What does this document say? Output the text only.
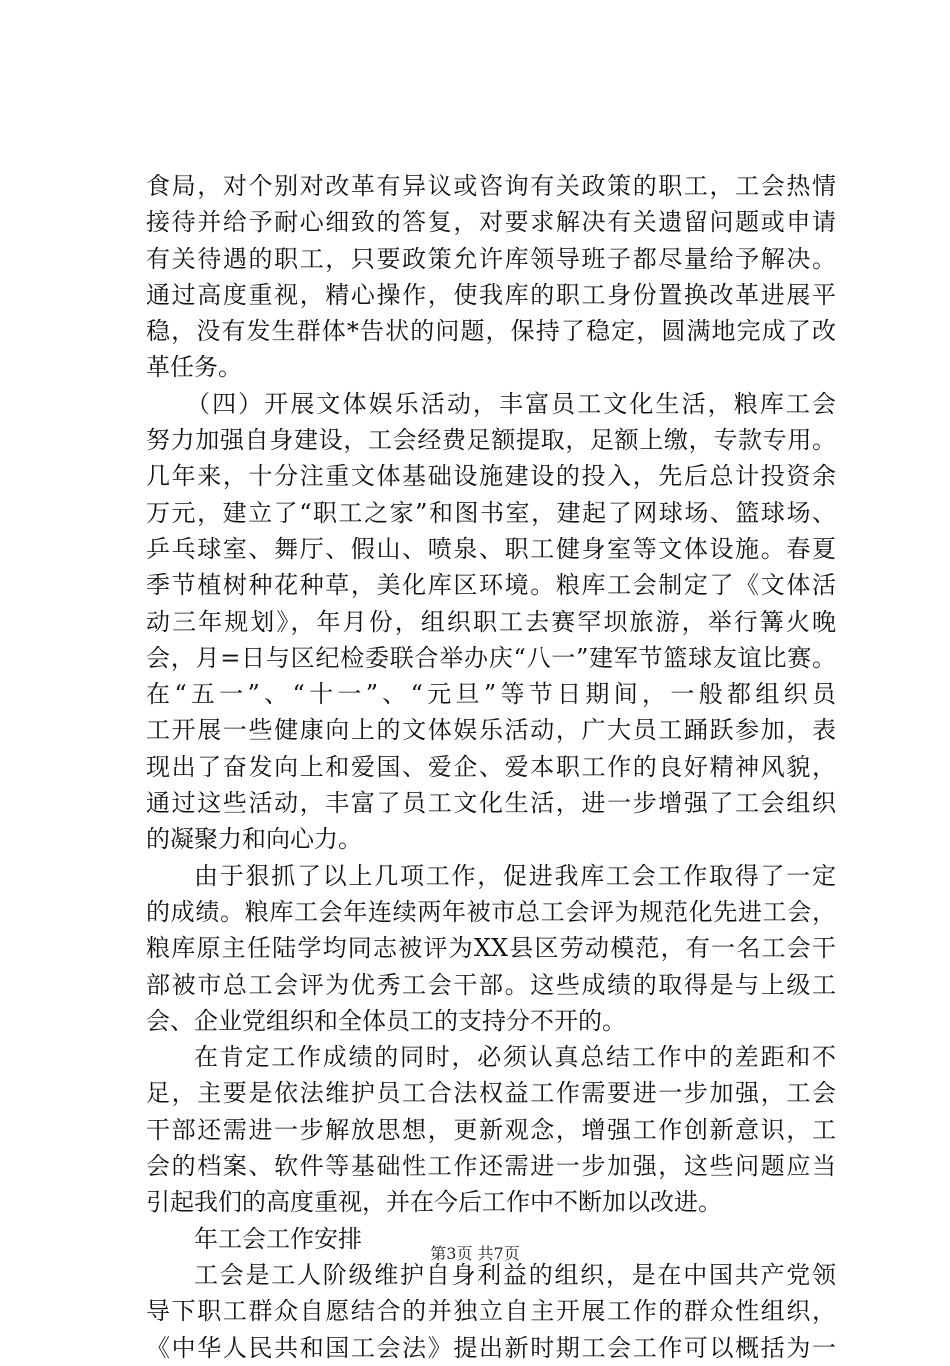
食局，对个别对改革有异议或咨询有关政策的职工，工会热情
接待并给予耐心细致的答复，对要求解决有关遗留问题或申请
有关待遇的职工，只要政策允许库领导班子都尽量给予解决。
通过高度重视，精心操作，使我库的职工身份置换改革进展平
稳，没有发生群体*告状的问题，保持了稳定，圆满地完成了改
革任务。
（四）开展文体娱乐活动，丰富员工文化生活，粮库工会
努力加强自身建设，工会经费足额提取，足额上缴，专款专用。
几年来，十分注重文体基础设施建设的投入，先后总计投资余
万元，建立了“职工之家”和图书室，建起了网球场、篮球场、
乒乓球室、舞厅、假山、喷泉、职工健身室等文体设施。春夏
季节植树种花种草，美化库区环境。粮库工会制定了《文体活
动三年规划》，年月份，组织职工去赛罕坝旅游，举行篝火晚
会，月=日与区纪检委联合举办庆“八一”建军节篮球友谊比赛。
在“五一”、“十一”、“元旦”等节日期间，一般都组织员
工开展一些健康向上的文体娱乐活动，广大员工踊跃参加，表
现出了奋发向上和爱国、爱企、爱本职工作的良好精神风貌，
通过这些活动，丰富了员工文化生活，进一步增强了工会组织
的凝聚力和向心力。
由于狠抓了以上几项工作，促进我库工会工作取得了一定
的成绩。粮库工会年连续两年被市总工会评为规范化先进工会，
粮库原主任陆学均同志被评为XX县区劳动模范，有一名工会干
部被市总工会评为优秀工会干部。这些成绩的取得是与上级工
会、企业党组织和全体员工的支持分不开的。
在肯定工作成绩的同时，必须认真总结工作中的差距和不
足，主要是依法维护员工合法权益工作需要进一步加强，工会
干部还需进一步解放思想，更新观念，增强工作创新意识，工
会的档案、软件等基础性工作还需进一步加强，这些问题应当
引起我们的高度重视，并在今后工作中不断加以改进。
年工会工作安排
工会是工人阶级维护自身利益的组织，是在中国共产党领
导下职工群众自愿结合的并独立自主开展工作的群众性组织，
《中华人民共和国工会法》提出新时期工会工作可以概括为一
第3页 共7页
